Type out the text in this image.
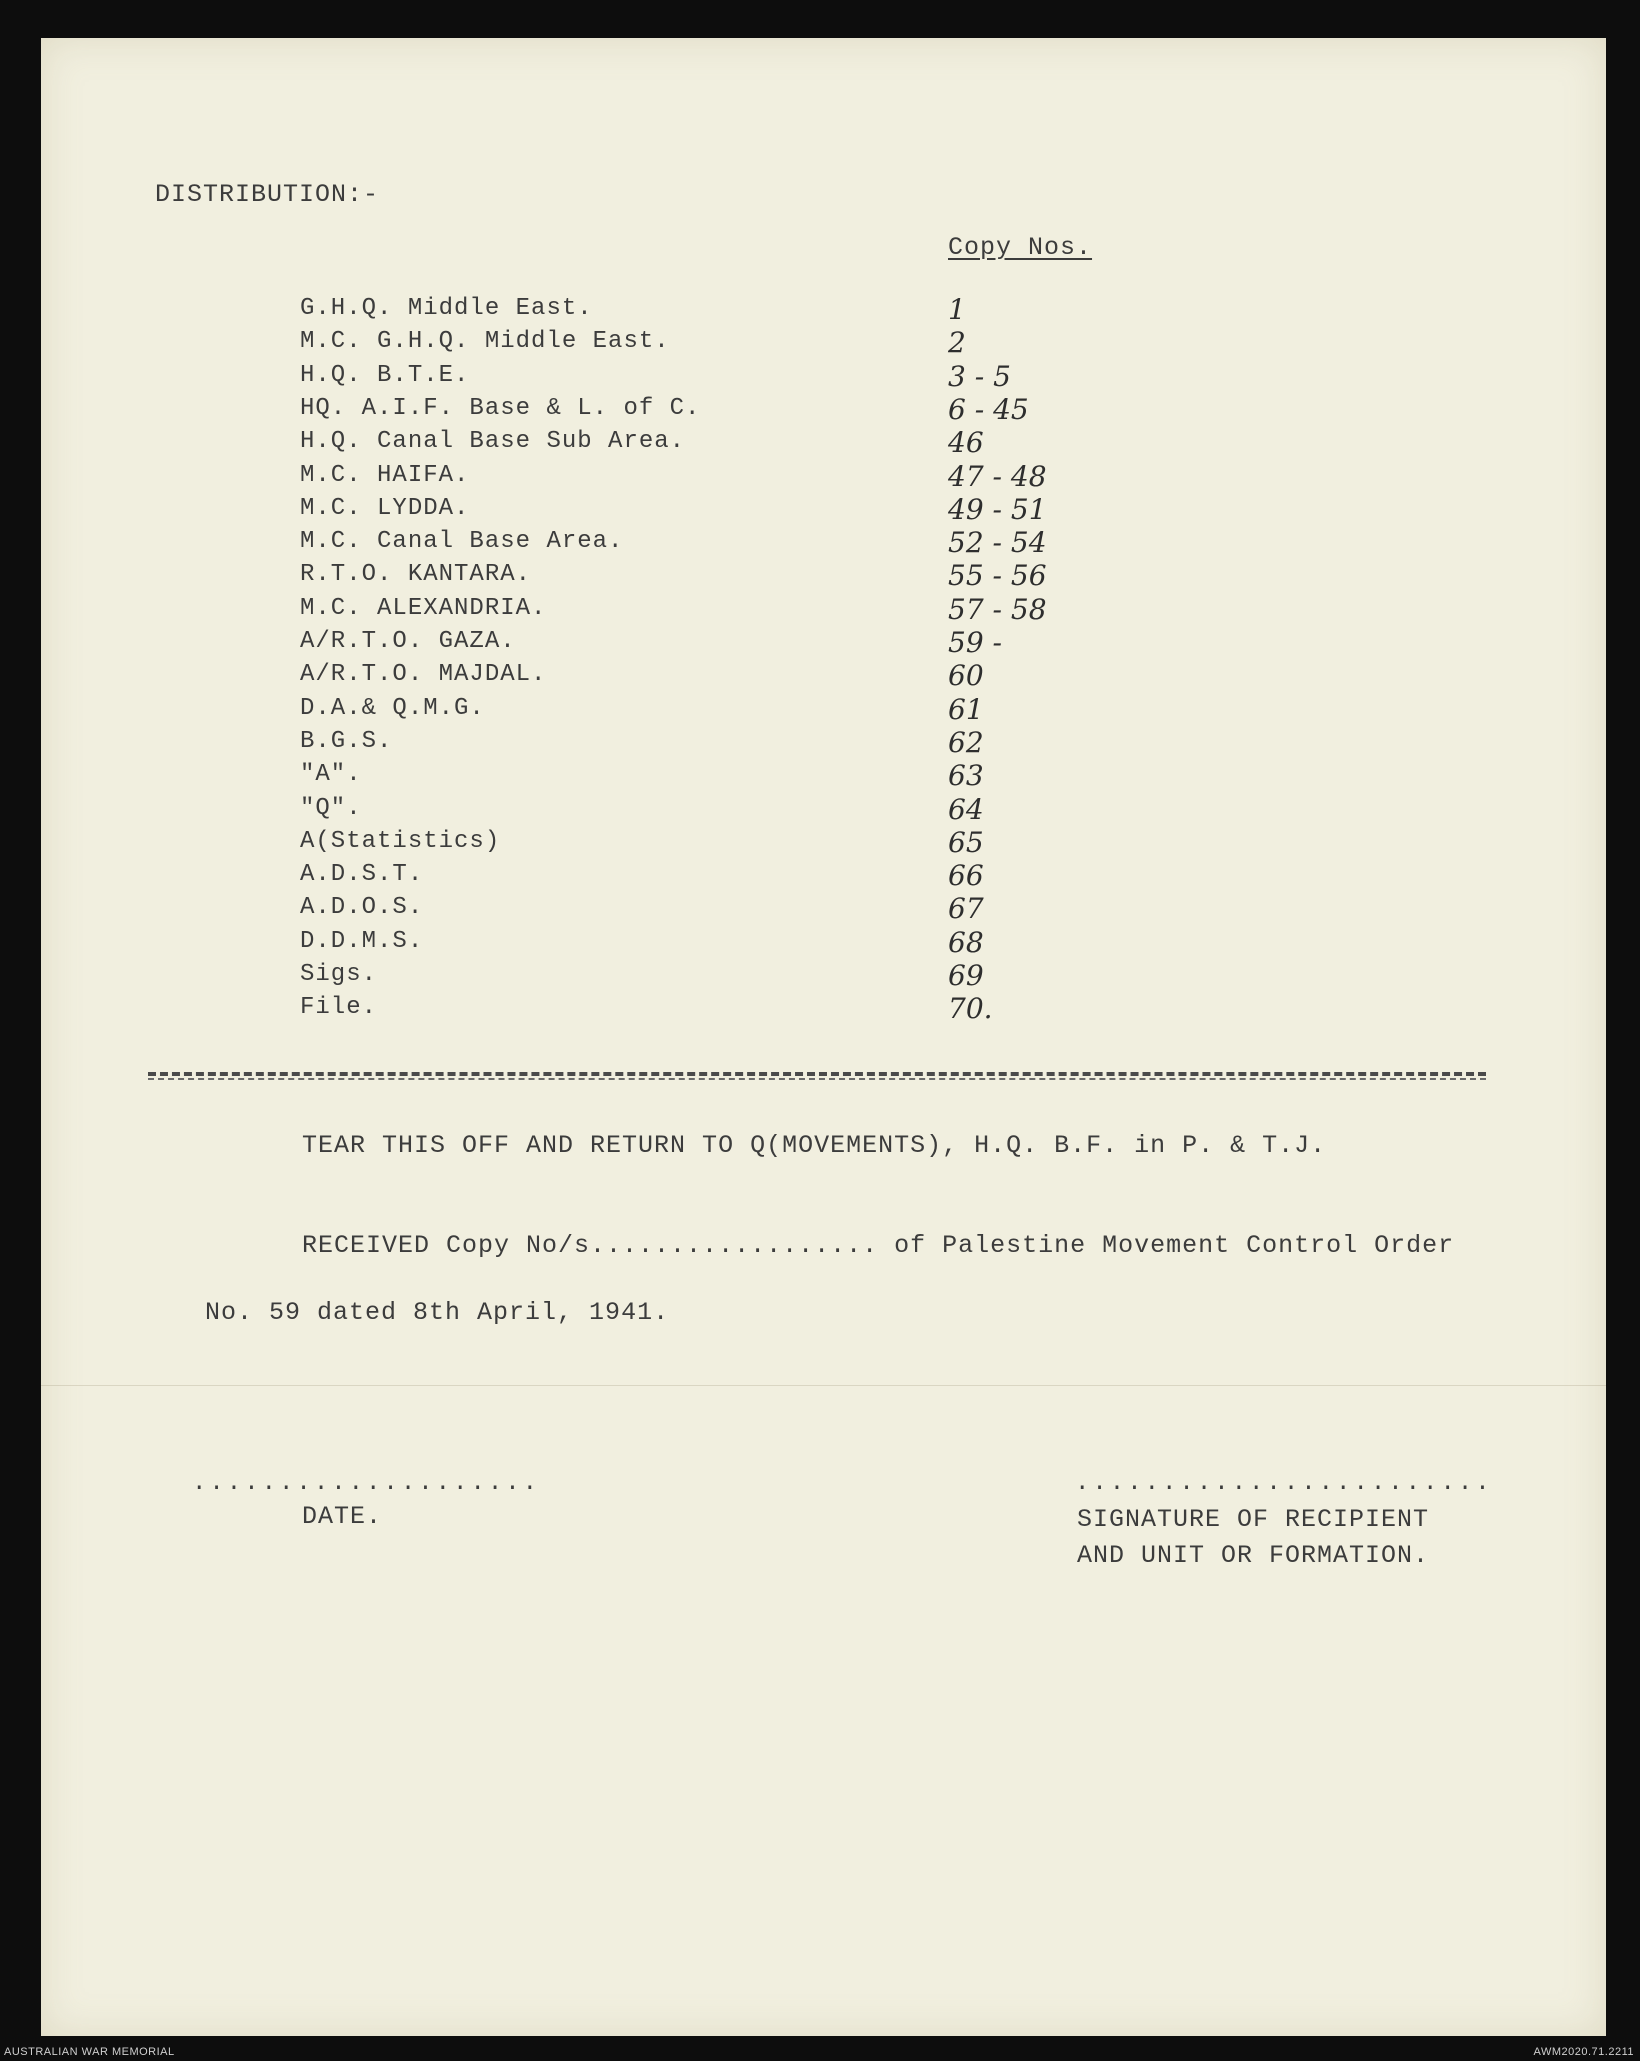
DISTRIBUTION:-
Copy Nos.
G.H.Q. Middle East.	1
M.C. G.H.Q. Middle East.	2
H.Q. B.T.E.	3 - 5
HQ. A.I.F. Base & L. of C.	6 - 45
H.Q. Canal Base Sub Area.	46
M.C. HAIFA.	47 - 48
M.C. LYDDA.	49 - 51
M.C. Canal Base Area.	52 - 54
R.T.O. KANTARA.	55 - 56
M.C. ALEXANDRIA.	57 - 58
A/R.T.O. GAZA.	59 -
A/R.T.O. MAJDAL.	60
D.A.& Q.M.G.	61
B.G.S.	62
"A".	63
"Q".	64
A(Statistics)	65
A.D.S.T.	66
A.D.O.S.	67
D.D.M.S.	68
Sigs.	69
File.	70.
TEAR THIS OFF AND RETURN TO Q(MOVEMENTS), H.Q. B.F. in P. & T.J.
RECEIVED Copy No/s.................. of Palestine Movement Control Order
No. 59 dated 8th April, 1941.
....................	........................
DATE.	SIGNATURE OF RECIPIENT
AND UNIT OR FORMATION.
AUSTRALIAN WAR MEMORIAL	AWM2020.71.2211
